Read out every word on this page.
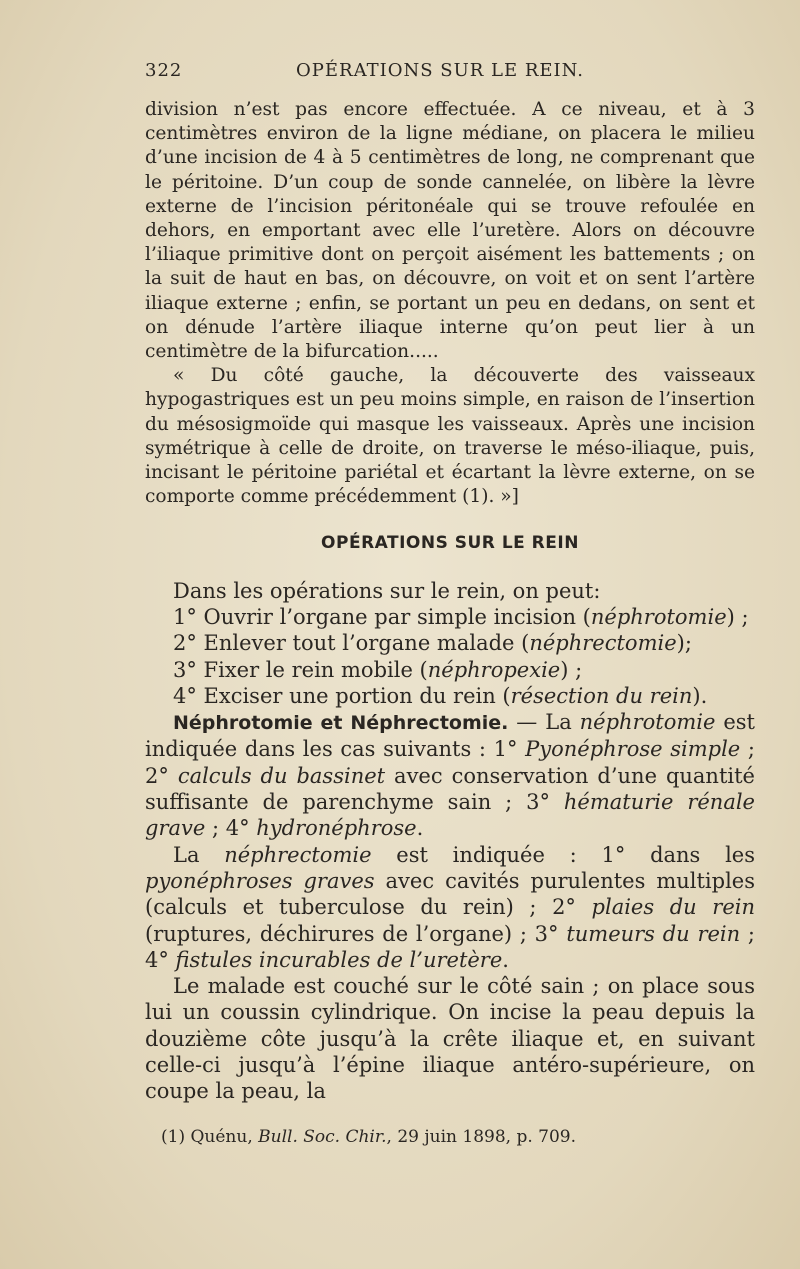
322	OPÉRATIONS SUR LE REIN.

division n’est pas encore effectuée. A ce niveau, et à 3 centimètres environ de la ligne médiane, on placera le milieu d’une incision de 4 à 5 centimètres de long, ne comprenant que le péritoine. D’un coup de sonde cannelée, on libère la lèvre externe de l’incision péritonéale qui se trouve refoulée en dehors, en emportant avec elle l’uretère. Alors on découvre l’iliaque primitive dont on perçoit aisément les battements ; on la suit de haut en bas, on découvre, on voit et on sent l’artère iliaque externe ; enfin, se portant un peu en dedans, on sent et on dénude l’artère iliaque interne qu’on peut lier à un centimètre de la bifurcation.....

« Du côté gauche, la découverte des vaisseaux hypogastriques est un peu moins simple, en raison de l’insertion du mésosigmoïde qui masque les vaisseaux. Après une incision symétrique à celle de droite, on traverse le méso-iliaque, puis, incisant le péritoine pariétal et écartant la lèvre externe, on se comporte comme précédemment (1). »]

OPÉRATIONS SUR LE REIN

Dans les opérations sur le rein, on peut:

1° Ouvrir l’organe par simple incision (néphrotomie) ;

2° Enlever tout l’organe malade (néphrectomie);

3° Fixer le rein mobile (néphropexie) ;

4° Exciser une portion du rein (résection du rein).

Néphrotomie et Néphrectomie. — La néphrotomie est indiquée dans les cas suivants : 1° Pyonéphrose simple ; 2° calculs du bassinet avec conservation d’une quantité suffisante de parenchyme sain ; 3° hématurie rénale grave ; 4° hydronéphrose.

La néphrectomie est indiquée : 1° dans les pyonéphroses graves avec cavités purulentes multiples (calculs et tuberculose du rein) ; 2° plaies du rein (ruptures, déchirures de l’organe) ; 3° tumeurs du rein ; 4° fistules incurables de l’uretère.

Le malade est couché sur le côté sain ; on place sous lui un coussin cylindrique. On incise la peau depuis la douzième côte jusqu’à la crête iliaque et, en suivant celle-ci jusqu’à l’épine iliaque antéro-supérieure, on coupe la peau, la

(1) Quénu, Bull. Soc. Chir., 29 juin 1898, p. 709.
